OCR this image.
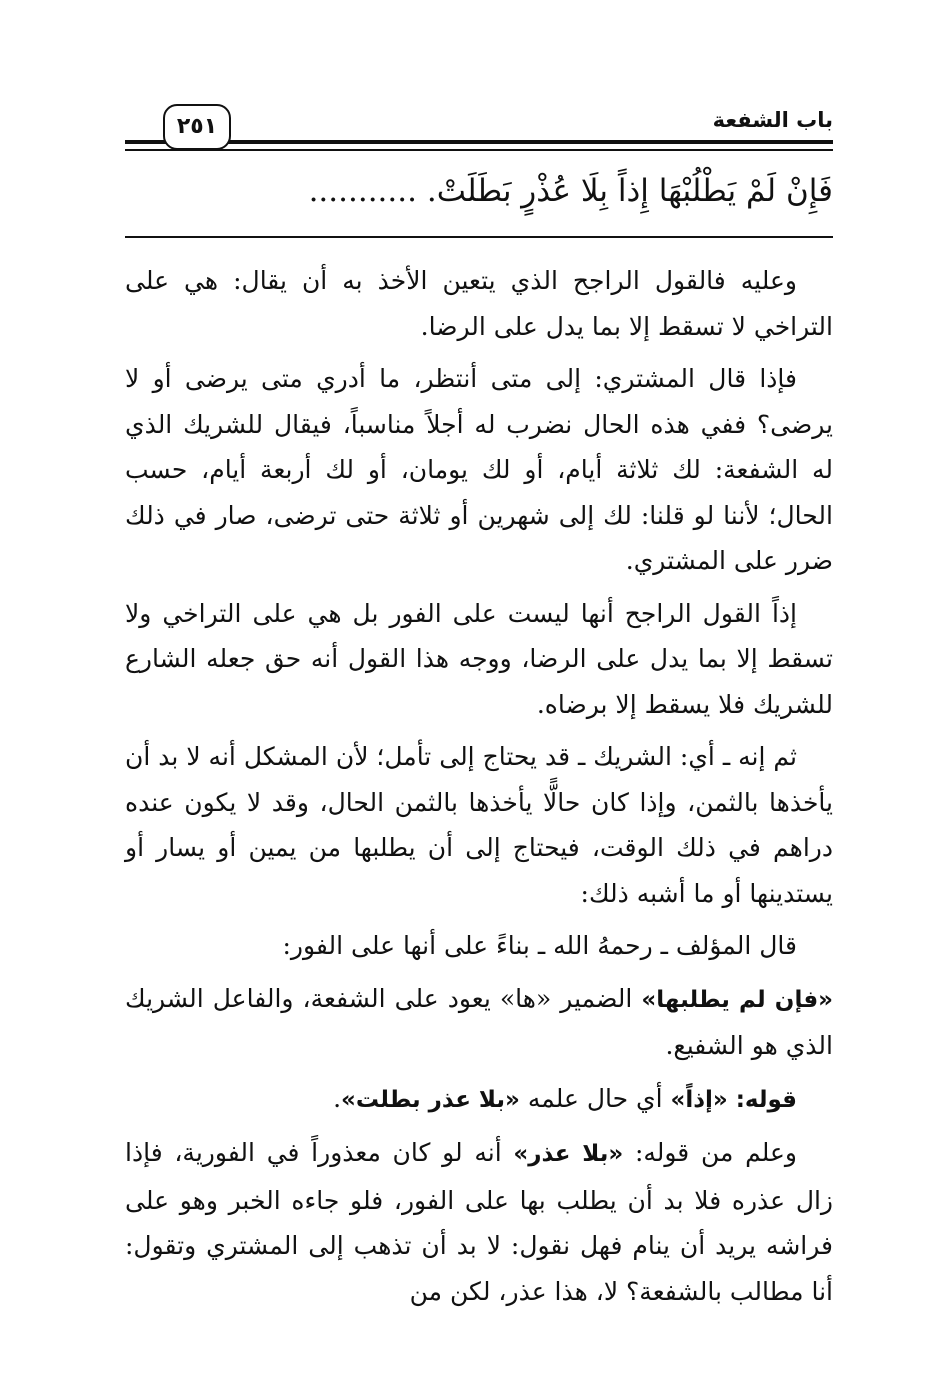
باب الشفعة
٢٥١
فَإِنْ لَمْ يَطْلُبْهَا إِذاً بِلَا عُذْرٍ بَطَلَتْ. ...........

وعليه فالقول الراجح الذي يتعين الأخذ به أن يقال: هي على التراخي لا تسقط إلا بما يدل على الرضا.

فإذا قال المشتري: إلى متى أنتظر، ما أدري متى يرضى أو لا يرضى؟ ففي هذه الحال نضرب له أجلاً مناسباً، فيقال للشريك الذي له الشفعة: لك ثلاثة أيام، أو لك يومان، أو لك أربعة أيام، حسب الحال؛ لأننا لو قلنا: لك إلى شهرين أو ثلاثة حتى ترضى، صار في ذلك ضرر على المشتري.

إذاً القول الراجح أنها ليست على الفور بل هي على التراخي ولا تسقط إلا بما يدل على الرضا، ووجه هذا القول أنه حق جعله الشارع للشريك فلا يسقط إلا برضاه.

ثم إنه ـ أي: الشريك ـ قد يحتاج إلى تأمل؛ لأن المشكل أنه لا بد أن يأخذها بالثمن، وإذا كان حالًّا يأخذها بالثمن الحال، وقد لا يكون عنده دراهم في ذلك الوقت، فيحتاج إلى أن يطلبها من يمين أو يسار أو يستدينها أو ما أشبه ذلك:

قال المؤلف ـ رحمهُ الله ـ بناءً على أنها على الفور:

«فإن لم يطلبها» الضمير «ها» يعود على الشفعة، والفاعل الشريك الذي هو الشفيع.

قوله: «إذاً» أي حال علمه «بلا عذر بطلت».

وعلم من قوله: «بلا عذر» أنه لو كان معذوراً في الفورية، فإذا زال عذره فلا بد أن يطلب بها على الفور، فلو جاءه الخبر وهو على فراشه يريد أن ينام فهل نقول: لا بد أن تذهب إلى المشتري وتقول: أنا مطالب بالشفعة؟ لا، هذا عذر، لكن من
